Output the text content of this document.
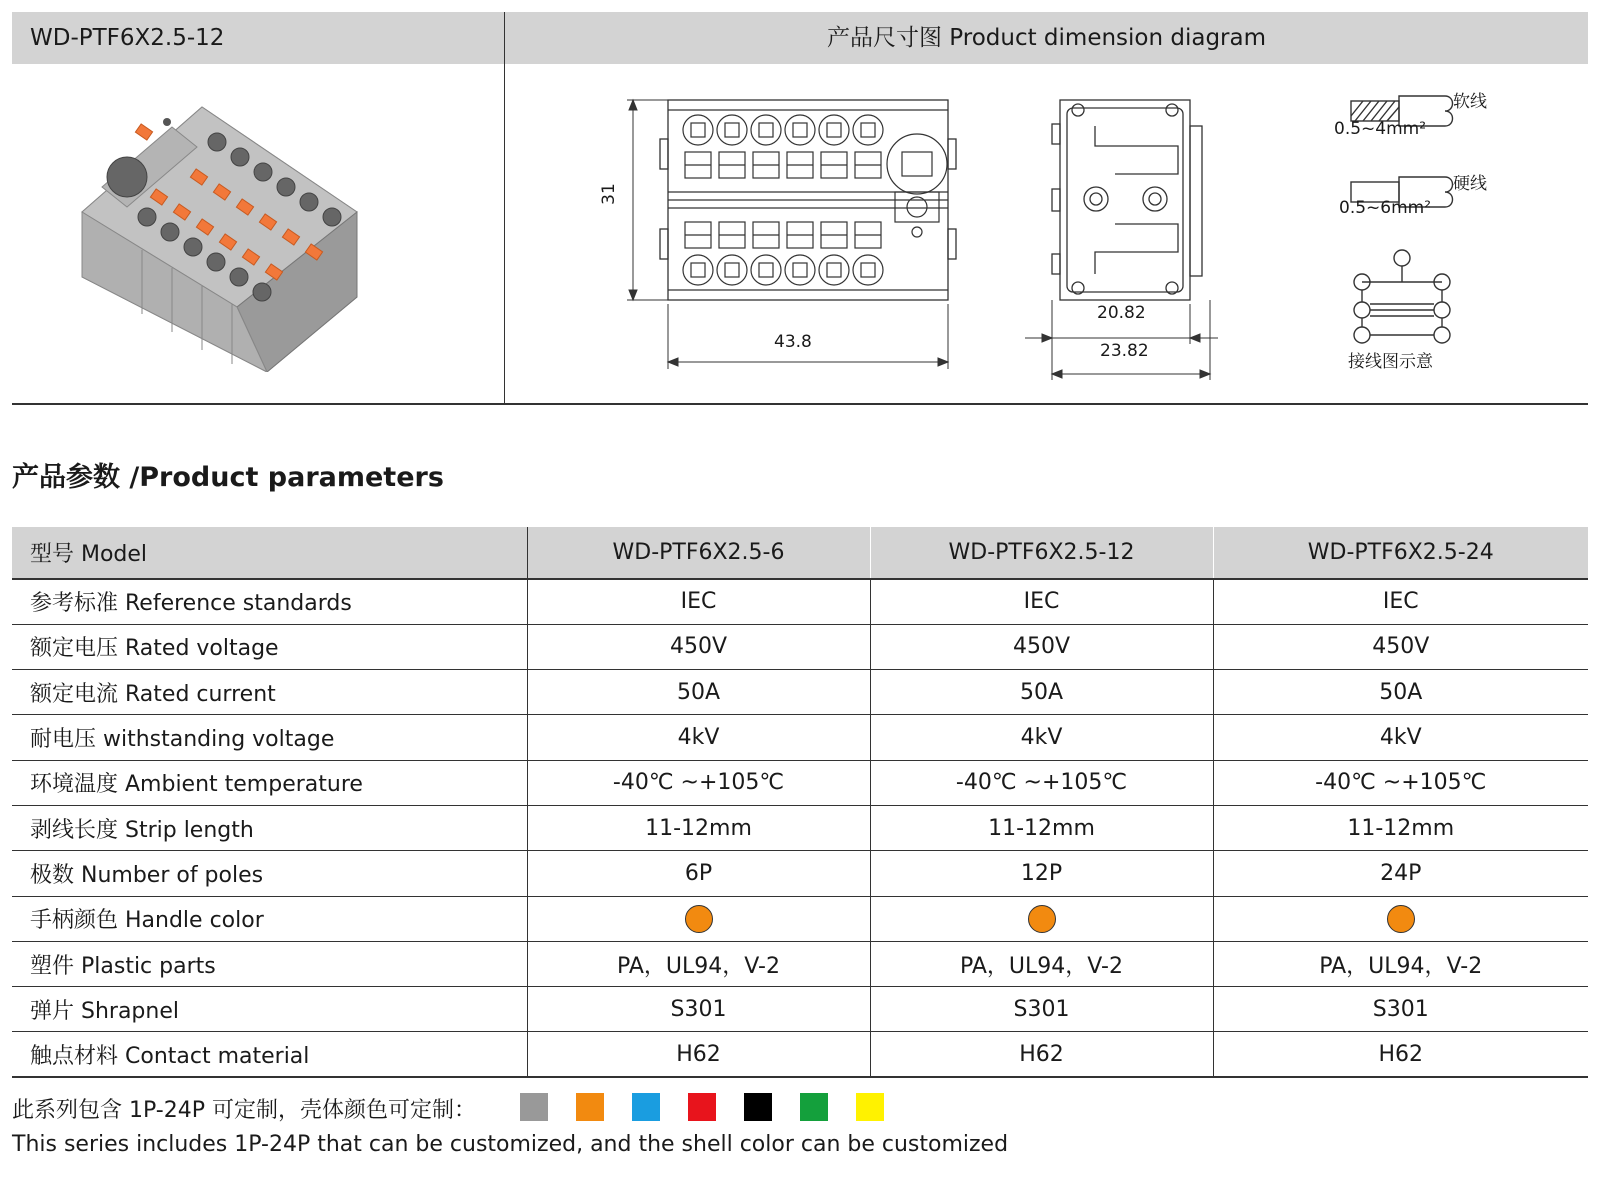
WD-PTF6X2.5-12	产品尺寸图 Product dimension diagram
31
43.8
20.82
23.82
软线
0.5~4mm²
硬线
0.5~6mm²
接线图示意
产品参数 /Product parameters
型号 Model	WD-PTF6X2.5-6	WD-PTF6X2.5-12	WD-PTF6X2.5-24
参考标准 Reference standards	IEC	IEC	IEC
额定电压 Rated voltage	450V	450V	450V
额定电流 Rated current	50A	50A	50A
耐电压 withstanding voltage	4kV	4kV	4kV
环境温度 Ambient temperature	-40℃ ~+105℃	-40℃ ~+105℃	-40℃ ~+105℃
剥线长度 Strip length	11-12mm	11-12mm	11-12mm
极数 Number of poles	6P	12P	24P
手柄颜色 Handle color			
塑件 Plastic parts	PA，UL94，V-2	PA，UL94，V-2	PA，UL94，V-2
弹片 Shrapnel	S301	S301	S301
触点材料 Contact material	H62	H62	H62
此系列包含 1P-24P 可定制，壳体颜色可定制：
This series includes 1P-24P that can be customized, and the shell color can be customized
